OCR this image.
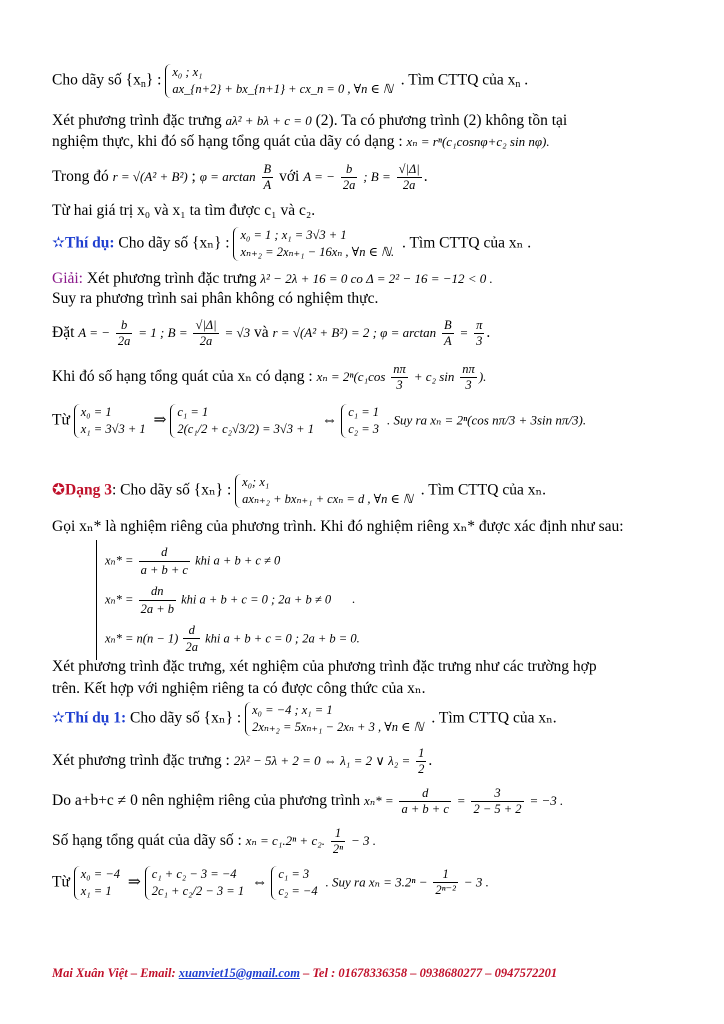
Cho dãy số {xn} : x₀ ; x₁
ax_{n+2} + bx_{n+1} + cx_n = 0 , ∀n ∈ ℕ
. Tìm CTTQ của xn .
Xét phương trình đặc trưng aλ² + bλ + c = 0 (2). Ta có phương trình (2) không tồn tại
nghiệm thực, khi đó số hạng tổng quát của dãy có dạng : xₙ = rⁿ(c₁cosnφ+c₂ sin nφ).
Trong đó r = √(A² + B²) ; $\varphi = \arctan \frac{B}{A}$ với A = − $\frac{b}{2a}$ ; $B = \frac{√|\Delta|}{2a}$ .
Từ hai giá trị x₀ và x₁ ta tìm được c₁ và c₂.
✫Thí dụ: Cho dãy số {xₙ} : x₀ = 1 ; x₁ = 3√3 + 1
xₙ₊₂ = 2xₙ₊₁ − 16xₙ , ∀n ∈ ℕ.
. Tìm CTTQ của xₙ .
Giải: Xét phương trình đặc trưng λ² − 2λ + 16 = 0 co Δ = 2² − 16 = −12 < 0 .
Suy ra phương trình sai phân không có nghiệm thực.
Đặt A = − $\frac{b}{2a} = 1$ ; $B = \frac{√|\Delta|}{2a} = √3$ và r = √(A² + B²) = 2 ; $\varphi = \arctan \frac{B}{A} = \frac{\pi}{3}$ .
Khi đó số hạng tổng quát của xₙ có dạng : $x_n = 2^n(c_1\cos \frac{n\pi}{3} + c_2$ $\sin \frac{n\pi}{3}$ ).
Từ x₀ = 1
x₁ = 3√3 + 1
⇒ c₁ = 1
2(c₁/2 + c₂√3/2) = 3√3 + 1
⇔ c₁ = 1
c₂ = 3
. Suy ra xₙ = 2ⁿ(cos nπ/3 + 3sin nπ/3).
✪Dạng 3: Cho dãy số {xₙ} : x₀; x₁
axₙ₊₂ + bxₙ₊₁ + cxₙ = d , ∀n ∈ ℕ
. Tìm CTTQ của xₙ.
Gọi xₙ* là nghiệm riêng của phương trình. Khi đó nghiệm riêng xₙ* được xác định như sau:
$x_n* = \frac{d}{a + b + c}$ khi a + b + c ≠ 0
$x_n* = \frac{dn}{2a + b}$ khi a + b + c = 0 ; 2a + b ≠ 0 .
$x_n* = n(n - 1) \frac{d}{2a}$ khi a + b + c = 0 ; 2a + b = 0.
Xét phương trình đặc trưng, xét nghiệm của phương trình đặc trưng như các trường hợp
trên. Kết hợp với nghiệm riêng ta có được công thức của xₙ.
✫Thí dụ 1: Cho dãy số {xₙ} : x₀ = −4 ; x₁ = 1
2xₙ₊₂ = 5xₙ₊₁ − 2xₙ + 3 , ∀n ∈ ℕ
. Tìm CTTQ của xₙ.
Xét phương trình đặc trưng : 2λ² − 5λ + 2 = 0 ⇔ λ₁ = 2 ∨ $\lambda_2 = \frac{1}{2}$ .
Do a+b+c ≠ 0 nên nghiệm riêng của phương trình $x_n* = \frac{d}{a + b + c} = \frac{3}{2 - 5 + 2} = -3$ .
Số hạng tổng quát của dãy số : xₙ = c₁.2ⁿ + c₂. $\frac{1}{\text{2ⁿ}} - 3$ .
Từ x₀ = −4
x₁ = 1
⇒ c₁ + c₂ − 3 = −4
2c₁ + c₂/2 − 3 = 1
⇔ c₁ = 3
c₂ = −4
. Suy ra $x_n = 3.2^n - \frac{1}{\text{2ⁿ⁻²}} - 3$ .
Mai Xuân Việt – Email: xuanviet15@gmail.com – Tel : 01678336358 – 0938680277 – 0947572201
